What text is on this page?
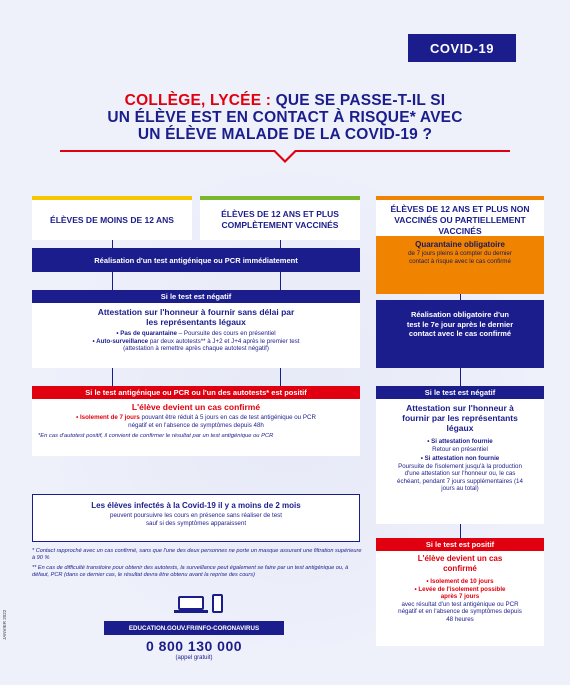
COVID-19
COLLÈGE, LYCÉE : QUE SE PASSE-T-IL SI
UN ÉLÈVE EST EN CONTACT À RISQUE* AVEC
UN ÉLÈVE MALADE DE LA COVID-19 ?
ÉLÈVES DE MOINS DE 12 ANS
ÉLÈVES DE 12 ANS ET PLUS COMPLÈTEMENT VACCINÉS
ÉLÈVES DE 12 ANS ET PLUS NON VACCINÉS OU PARTIELLEMENT VACCINÉS
Réalisation d'un test antigénique ou PCR immédiatement
Si le test est négatif
Attestation sur l'honneur à fournir sans délai par les représentants légaux
• Pas de quarantaine – Poursuite des cours en présentiel
• Auto-surveillance par deux autotests** à J+2 et J+4 après le premier test
(attestation à remettre après chaque autotest négatif)
Si le test antigénique ou PCR ou l'un des autotests* est positif
L'élève devient un cas confirmé
• Isolement de 7 jours pouvant être réduit à 5 jours en cas de test antigénique ou PCR négatif et en l'absence de symptômes depuis 48h
*En cas d'autotest positif, il convient de confirmer le résultat par un test antigénique ou PCR
Les élèves infectés à la Covid-19 il y a moins de 2 mois
peuvent poursuivre les cours en présence sans réaliser de test
sauf si des symptômes apparaissent

* Contact rapproché avec un cas confirmé, sans que l'une des deux personnes ne porte un masque assurant une filtration supérieure à 90 %

** En cas de difficulté transitoire pour obtenir des autotests, la surveillance peut également se faire par un test antigénique ou, à défaut, PCR (dans ce dernier cas, le résultat devra être obtenu avant la reprise des cours)

Quarantaine obligatoire
de 7 jours pleins à compter du dernier contact à risque avec le cas confirmé
Réalisation obligatoire d'un test le 7e jour après le dernier contact avec le cas confirmé
Si le test est négatif
Attestation sur l'honneur à fournir par les représentants légaux
• Si attestation fournie
Retour en présentiel
• Si attestation non fournie
Poursuite de l'isolement jusqu'à la production d'une attestation sur l'honneur ou, le cas échéant, pendant 7 jours supplémentaires (14 jours au total)
Si le test est positif
L'élève devient un cas confirmé
• Isolement de 10 jours
• Levée de l'isolement possible après 7 jours
avec résultat d'un test antigénique ou PCR négatif et en l'absence de symptômes depuis 48 heures
EDUCATION.GOUV.FR/INFO-CORONAVIRUS
0 800 130 000
(appel gratuit)
JANVIER 2022
